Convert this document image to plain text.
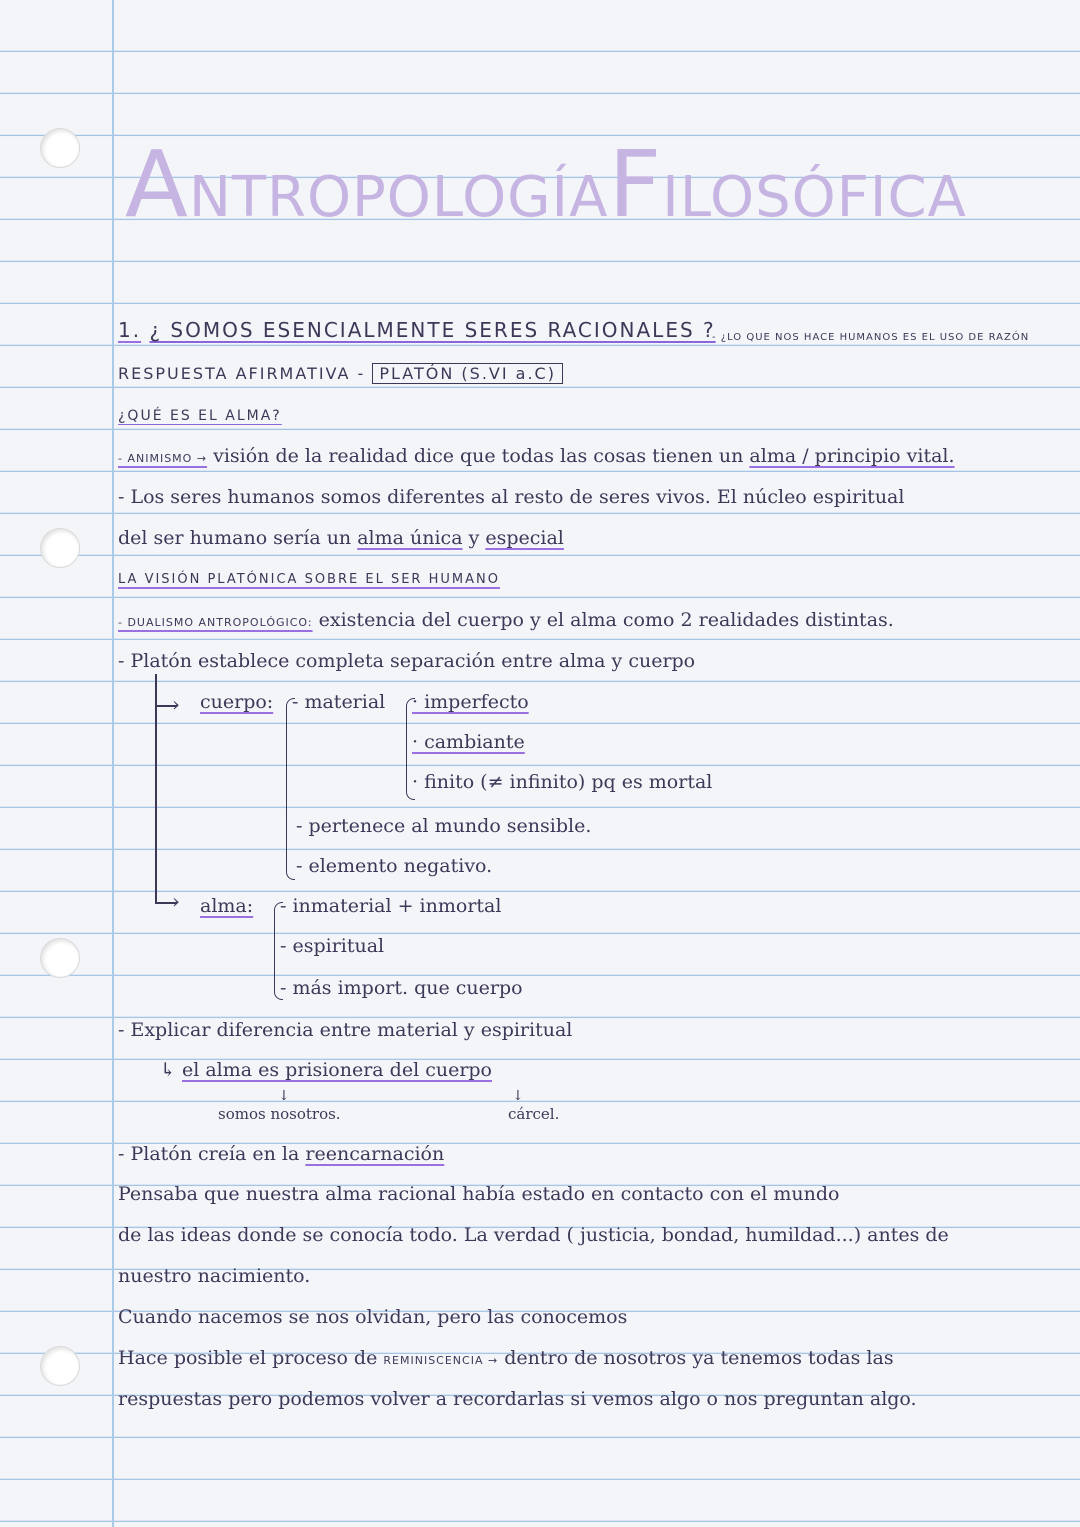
ANTROPOLOGÍAFILOSÓFICA
1. ¿ SOMOS ESENCIALMENTE SERES RACIONALES ?
- ¿LO QUE NOS HACE HUMANOS ES EL USO DE RAZÓN
RESPUESTA AFIRMATIVA - PLATÓN (S.VI a.C)
¿QUÉ ES EL ALMA?
- ANIMISMO → visión de la realidad dice que todas las cosas tienen un alma / principio vital.
- Los seres humanos somos diferentes al resto de seres vivos. El núcleo espiritual
del ser humano sería un alma única y especial
LA VISIÓN PLATÓNICA SOBRE EL SER HUMANO
- DUALISMO ANTROPOLÓGICO: existencia del cuerpo y el alma como 2 realidades distintas.
- Platón establece completa separación entre alma y cuerpo
›
›
cuerpo: - material · imperfecto
· cambiante
· finito (≠ infinito) pq es mortal
- pertenece al mundo sensible.
- elemento negativo.
alma: - inmaterial + inmortal
- espiritual
- más import. que cuerpo
- Explicar diferencia entre material y espiritual
↳ el alma es prisionera del cuerpo
↓	↓
somos nosotros.	cárcel.
- Platón creía en la reencarnación
Pensaba que nuestra alma racional había estado en contacto con el mundo
de las ideas donde se conocía todo. La verdad ( justicia, bondad, humildad...) antes de
nuestro nacimiento.
Cuando nacemos se nos olvidan, pero las conocemos
Hace posible el proceso de REMINISCENCIA → dentro de nosotros ya tenemos todas las
respuestas pero podemos volver a recordarlas si vemos algo o nos preguntan algo.
